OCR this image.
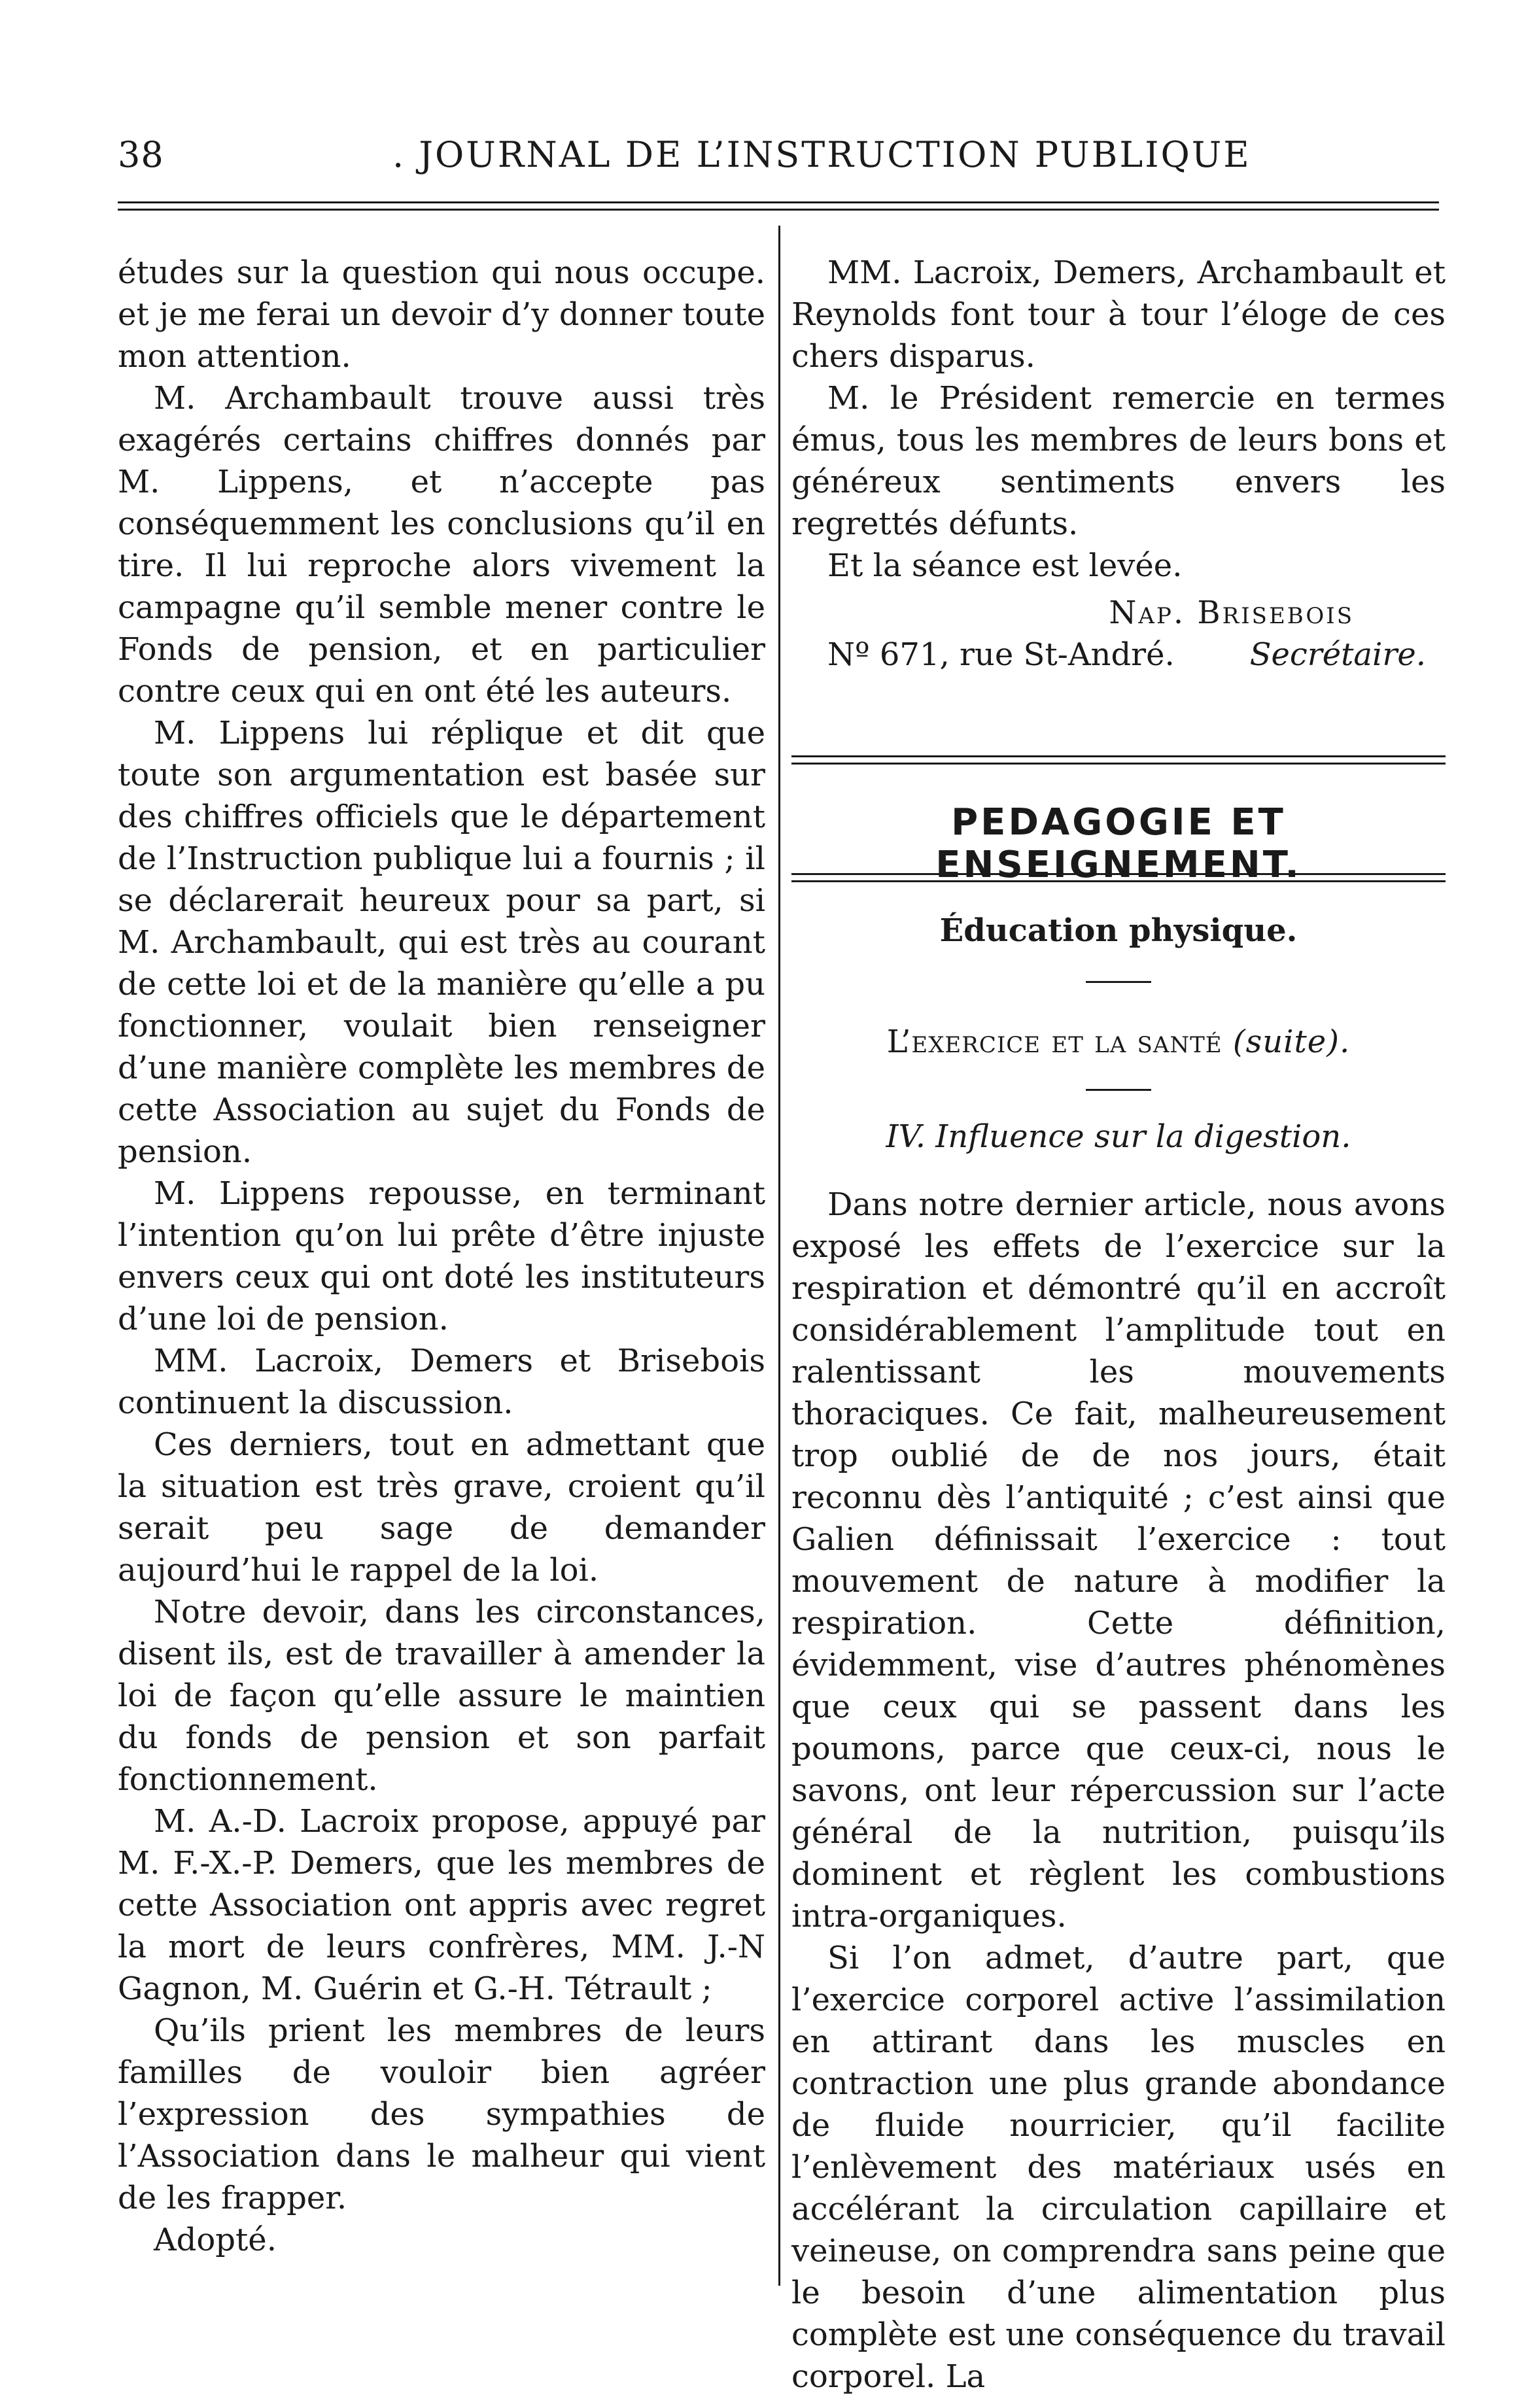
38	. JOURNAL DE L’INSTRUCTION PUBLIQUE

études sur la question qui nous occupe. et je me ferai un devoir d’y donner toute mon attention.

M. Archambault trouve aussi très exagérés certains chiffres donnés par M. Lippens, et n’accepte pas conséquemment les conclusions qu’il en tire. Il lui reproche alors vivement la campagne qu’il semble mener contre le Fonds de pension, et en particulier contre ceux qui en ont été les auteurs.

M. Lippens lui réplique et dit que toute son argumentation est basée sur des chiffres officiels que le département de l’Instruction publique lui a fournis ; il se déclarerait heureux pour sa part, si M. Archambault, qui est très au courant de cette loi et de la manière qu’elle a pu fonctionner, voulait bien renseigner d’une manière complète les membres de cette Association au sujet du Fonds de pension.

M. Lippens repousse, en terminant l’intention qu’on lui prête d’être injuste envers ceux qui ont doté les instituteurs d’une loi de pension.

MM. Lacroix, Demers et Brisebois continuent la discussion.

Ces derniers, tout en admettant que la situation est très grave, croient qu’il serait peu sage de demander aujourd’hui le rappel de la loi.

Notre devoir, dans les circonstances, disent ils, est de travailler à amender la loi de façon qu’elle assure le maintien du fonds de pension et son parfait fonctionnement.

M. A.-D. Lacroix propose, appuyé par M. F.-X.-P. Demers, que les membres de cette Association ont appris avec regret la mort de leurs confrères, MM. J.-N Gagnon, M. Guérin et G.-H. Tétrault ;

Qu’ils prient les membres de leurs familles de vouloir bien agréer l’expression des sympathies de l’Association dans le malheur qui vient de les frapper.

Adopté.

MM. Lacroix, Demers, Archambault et Reynolds font tour à tour l’éloge de ces chers disparus.

M. le Président remercie en termes émus, tous les membres de leurs bons et généreux sentiments envers les regrettés défunts.

Et la séance est levée.

Nap. Brisebois
Secrétaire.
Nº 671, rue St-André.
PEDAGOGIE ET ENSEIGNEMENT.
Éducation physique.
L’exercice et la santé (suite).
IV. Influence sur la digestion.

Dans notre dernier article, nous avons exposé les effets de l’exercice sur la respiration et démontré qu’il en accroît considérablement l’amplitude tout en ralentissant les mouvements thoraciques. Ce fait, malheureusement trop oublié de de nos jours, était reconnu dès l’antiquité ; c’est ainsi que Galien définissait l’exercice : tout mouvement de nature à modifier la respiration. Cette définition, évidemment, vise d’autres phénomènes que ceux qui se passent dans les poumons, parce que ceux-ci, nous le savons, ont leur répercussion sur l’acte général de la nutrition, puisqu’ils dominent et règlent les combustions intra-organiques.

Si l’on admet, d’autre part, que l’exercice corporel active l’assimilation en attirant dans les muscles en contraction une plus grande abondance de fluide nourricier, qu’il facilite l’enlèvement des matériaux usés en accélérant la circulation capillaire et veineuse, on comprendra sans peine que le besoin d’une alimentation plus complète est une conséquence du travail corporel. La
